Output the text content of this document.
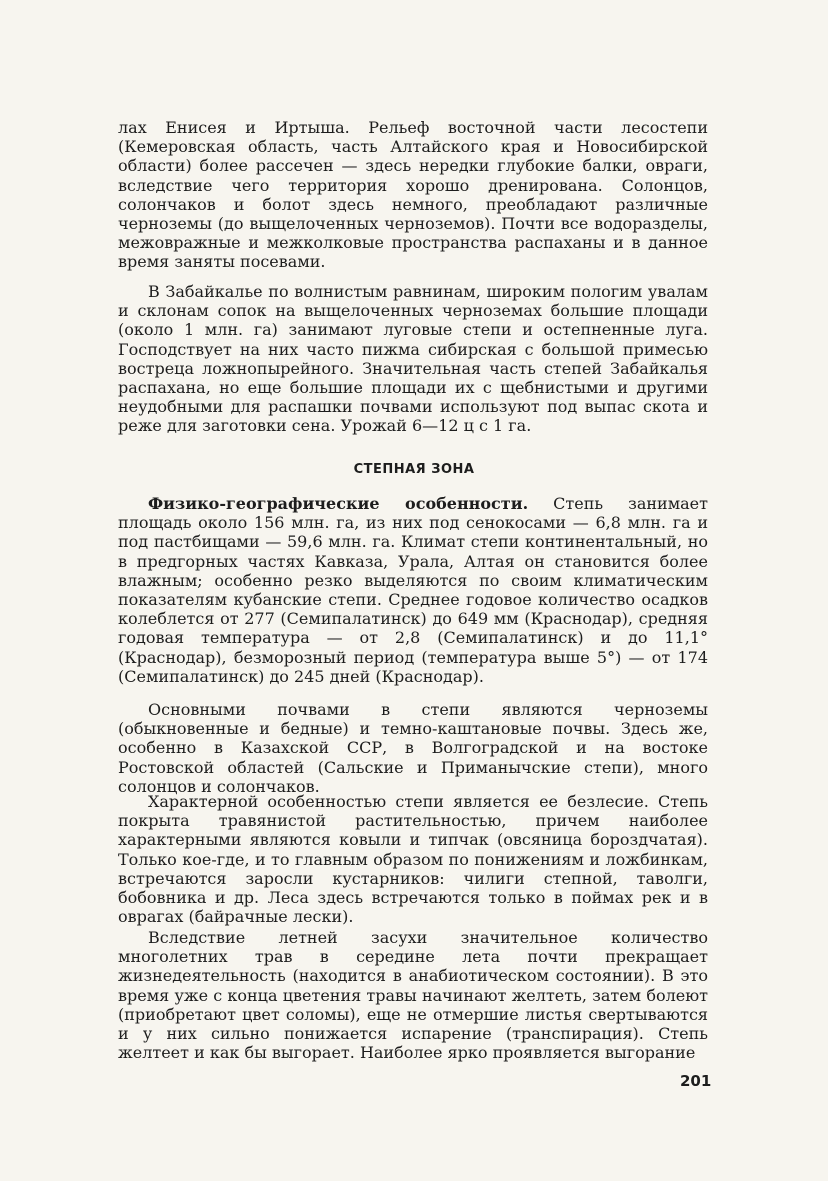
лах Енисея и Иртыша. Рельеф восточной части лесостепи (Кемеровская область, часть Алтайского края и Новосибирской области) более рассечен — здесь нередки глубокие балки, овраги, вследствие чего территория хорошо дренирована. Солонцов, солончаков и болот здесь немного, преобладают различные черноземы (до выщелоченных черноземов). Почти все водоразделы, межовражные и межколковые пространства распаханы и в данное время заняты посевами.

В Забайкалье по волнистым равнинам, широким пологим увалам и склонам сопок на выщелоченных черноземах большие площади (около 1 млн. га) занимают луговые степи и остепненные луга. Господствует на них часто пижма сибирская с большой примесью вострецa ложнопырейного. Значительная часть степей Забайкалья распахана, но еще большие площади их с щебнистыми и другими неудобными для распашки почвами используют под выпас скота и реже для заготовки сена. Урожай 6—12 ц с 1 га.

СТЕПНАЯ ЗОНА

Физико-географические особенности. Степь занимает площадь около 156 млн. га, из них под сенокосами — 6,8 млн. га и под пастбищами — 59,6 млн. га. Климат степи континентальный, но в предгорных частях Кавказа, Урала, Алтая он становится более влажным; особенно резко выделяются по своим климатическим показателям кубанские степи. Среднее годовое количество осадков колеблется от 277 (Семипалатинск) до 649 мм (Краснодар), средняя годовая температура — от 2,8 (Семипалатинск) и до 11,1° (Краснодар), безморозный период (температура выше 5°) — от 174 (Семипалатинск) до 245 дней (Краснодар).

Основными почвами в степи являются черноземы (обыкновенные и бедные) и темно-каштановые почвы. Здесь же, особенно в Казахской ССР, в Волгоградской и на востоке Ростовской областей (Сальские и Приманычские степи), много солонцов и солончаков.

Характерной особенностью степи является ее безлесие. Степь покрыта травянистой растительностью, причем наиболее характерными являются ковыли и типчак (овсяница бороздчатая). Только кое-где, и то главным образом по понижениям и ложбинкам, встречаются заросли кустарников: чилиги степной, таволги, бобовника и др. Леса здесь встречаются только в поймах рек и в оврагах (байрачные лески).

Вследствие летней засухи значительное количество многолетних трав в середине лета почти прекращает жизнедеятельность (находится в анабиотическом состоянии). В это время уже с конца цветения травы начинают желтеть, затем болеют (приобретают цвет соломы), еще не отмершие листья свертываются и у них сильно понижается испарение (транспирация). Степь желтеет и как бы выгорает. Наиболее ярко проявляется выгорание

201
